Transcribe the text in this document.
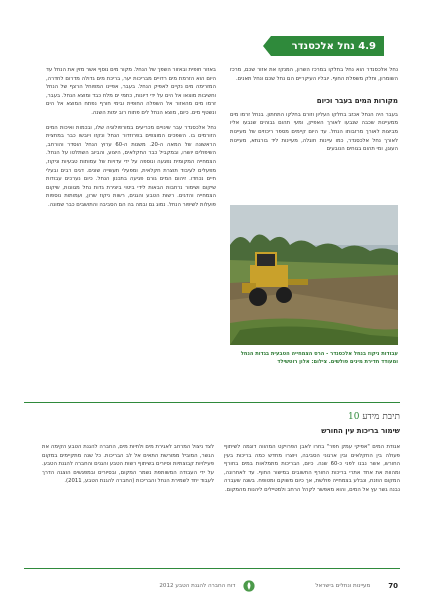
4.9 נחל אלכסנדר

נחל אלכסנדר הוא נחל בחלקו במרכז השרון, המנקז את אזור שכם, מרכז השומרון, וחלק משפלת החוף. יובליו העיקריים הם נחל שכם ונחל תאנים.

מקורות המים בעבר וכיום

בעבר היה הנחל אכזב בחלקו העליון וזורם בחלקו התחתון. בנחל זרמו מים ממעיינות שכבה שנבעו לאורך האפיק, ומעי תהום גבוהים שנבעו אליו מביצות לאורך מרזבותו הנחל. עד היום קיימים מספר ריכוזים של מעיינות לאורך נחל אלכסנדר, כמו עיינות חוגלה, מעיינות ליד בורגתא, מעיינות העוגן, ומי תהום בגוחים הנובעים

עבודות ניקוז בנחל אלכסנדר - הרס הצמחייה הטבעית בגדות הנחל ומעודד חדירת מינים פולשים. צילום: אלון רוטשילד

באזור חופית ובאזור השפך של הנחל. מקור מים נוסף אשר מזין את הנחל עד היום הוא הזרמת מים רדויים מבריכות יער, בריכת מים גדולה מדרום לחדרה, המזרימה מים נקיים לאפיק הנחל. בעבר, אפיינו המפוחל הרצף של הנחל וחשיבות מוצאו אל הים על ידי דיונות, כתמי ים מלח כבד ומוצא הנחל. בעבר, זרמו מים מהאזור אל השפלה החופית ובימי חורף נפתח המוצא אל הים ונשטף מים. כיום, מוצא הנחל לים פתוח רוב ימות השנה.

נחל אלכסנדר עבר שינויים מכריעים במורפולוגיה שלו, ובכמות ואיכות המים הזורמים בו. השפכים המוצפים בפרוזדור הנחל ונקזו ויובשו כבר במחצית הראשונה של המאה ה-20. משנות ה-60 ערוץ הנחל הוסדר והורחב, השיפולים יושרו, ובמקביל כבר החקלאים, היצוע, והביוב השתלטו על הנחל. הצמחייה המקומית נפגעה ונוספה על ידי עדויות של עמותות טבעיות וניקוז, מפעלים לעיבוד תוצרת חקלאית, ומפעלי תעשייה שונים. דגים רבים ובעלי חיים נכחדו. זיהום המים גורם פגיעה בתכנון הנחל. כיום נערכים עבודות שיקום ושימור נרחבות הבאות לידי ביטוי ביצירת גדות נחל מגוונות, שיקום הצמחייה והדגים. רשות הטבע והגנים, רשות ניקוז שרון, ועמותות נוספות פועלות לשיפור הנחל. נמוג גם ובמה בה הם הסביבה והתושבים כבר שמונה.

תיבת מידע 10
שימור בריכות עין החורש
אגודת המים "אפיקי עמק חפר" בחרו לאבן הפרויקט המהווה דוגמה לשיתוף פעולה בין החקלאים ובין ארגוני הסביבה, ויוצרו מחדש כמה בריכות בעין החורש, אשר נבנו לפני כ-60 שנה. כיום, הבריכות מתמלאות במים בחורף ומהוות את אחד אתרי בריכות החורף החשובים במישור החוף. עד לאחרונה, המקום הוזנח, ונבלע בצמחייה פולשת, אך כיום משוקם ומטופח. בשנה שעברה נבנה גשר עץ אל המים, והוא מאפשר לקהל הרחב ולמטיילים ליהנות מהמקום.
לצד ניצול המרחב לאגירת מים ולחיות מים, החברה להגנת הטבע הקימה את הגשר, המוביל ממורשת התאים אל לב הבריכות. כל שנה מתקיימים במקום פעילויות קבוצתיות וסיורים בשיתוף רשות הטבע והגנים והחברה להגנת הטבע. על ידי העבודה המשותפת נשמר המקום, ובסיורים ובמפגשים הוצגה הדרך לעבוד יחד לשמירת הנחל והבריכות (החברה להגנת הטבע, 2011).
70
מעיינות ונחלים בישראל
דוח החברה להגנת הטבע 2012
